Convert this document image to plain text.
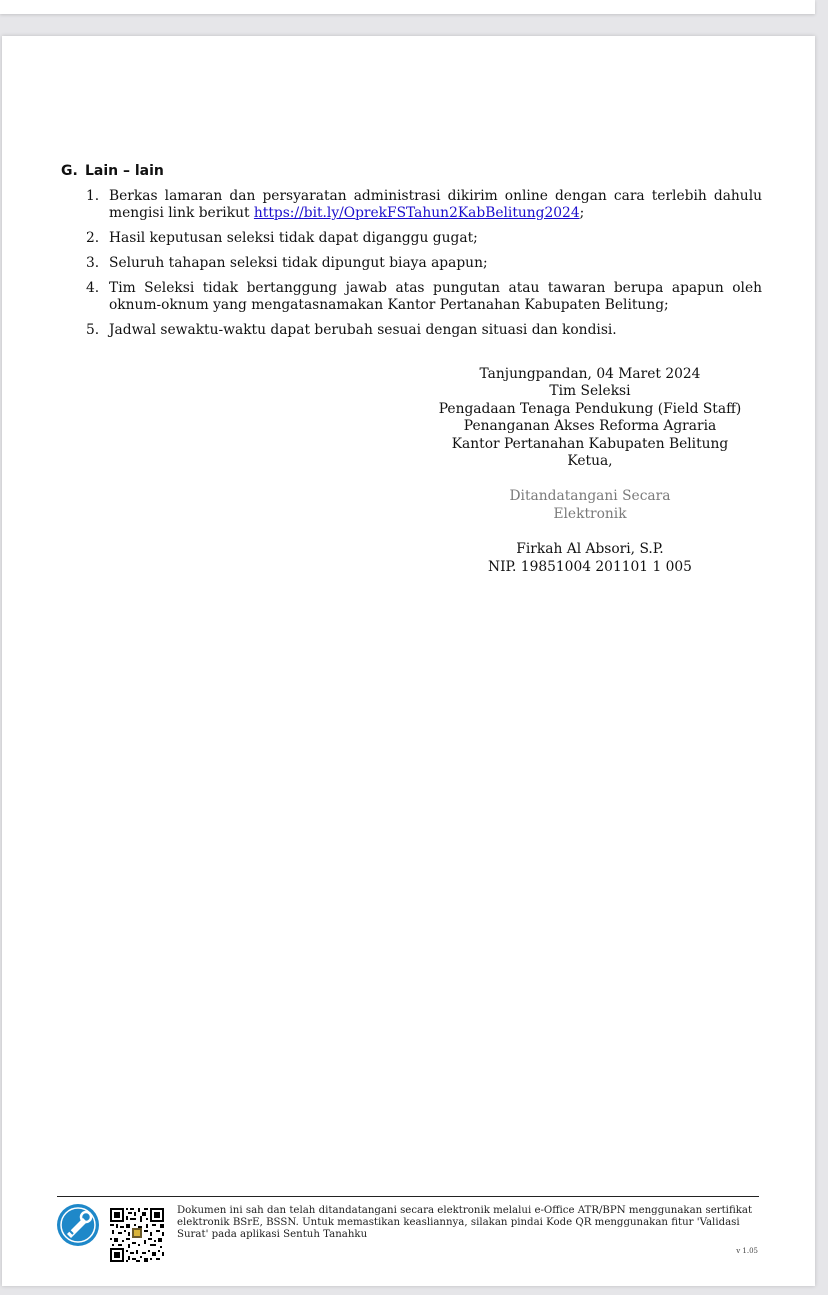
G. Lain – lain
1. Berkas lamaran dan persyaratan administrasi dikirim online dengan cara terlebih dahulu mengisi link berikut https://bit.ly/OprekFSTahun2KabBelitung2024;
2. Hasil keputusan seleksi tidak dapat diganggu gugat;
3. Seluruh tahapan seleksi tidak dipungut biaya apapun;
4. Tim Seleksi tidak bertanggung jawab atas pungutan atau tawaran berupa apapun oleh oknum-oknum yang mengatasnamakan Kantor Pertanahan Kabupaten Belitung;
5. Jadwal sewaktu-waktu dapat berubah sesuai dengan situasi dan kondisi.
Tanjungpandan, 04 Maret 2024
Tim Seleksi
Pengadaan Tenaga Pendukung (Field Staff)
Penanganan Akses Reforma Agraria
Kantor Pertanahan Kabupaten Belitung
Ketua,
Ditandatangani Secara
Elektronik
Firkah Al Absori, S.P.
NIP. 19851004 201101 1 005
Dokumen ini sah dan telah ditandatangani secara elektronik melalui e-Office ATR/BPN menggunakan sertifikat elektronik BSrE, BSSN. Untuk memastikan keasliannya, silakan pindai Kode QR menggunakan fitur 'Validasi Surat' pada aplikasi Sentuh Tanahku
v 1.05
